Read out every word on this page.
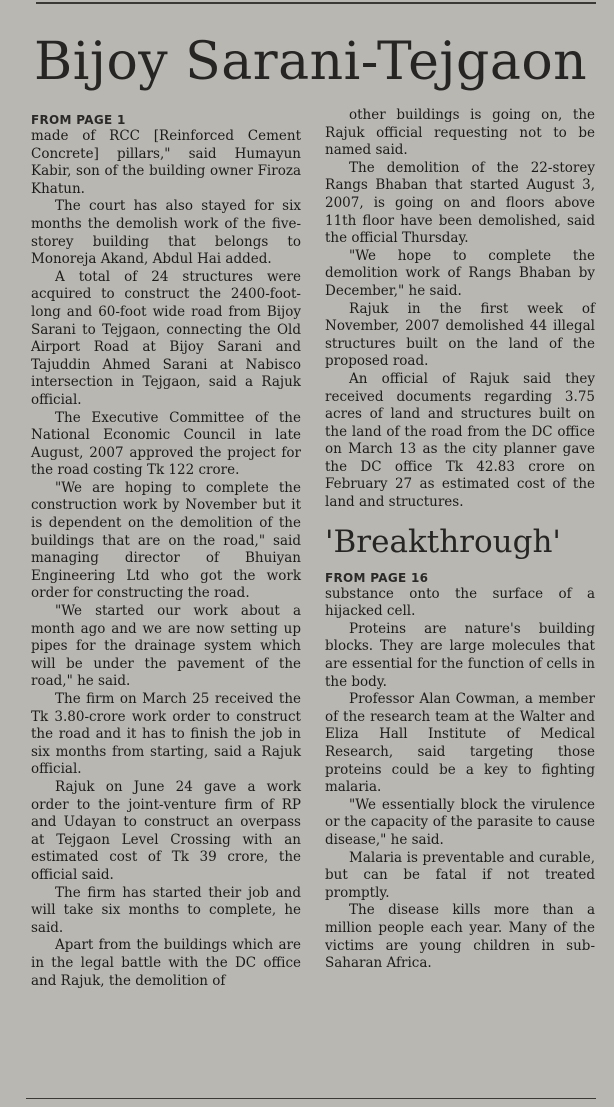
Bijoy Sarani-Tejgaon

FROM PAGE 1

made of RCC [Reinforced Cement Concrete] pillars," said Humayun Kabir, son of the building owner Firoza Khatun.

The court has also stayed for six months the demolish work of the five-storey building that belongs to Monoreja Akand, Abdul Hai added.

A total of 24 structures were acquired to construct the 2400-foot-long and 60-foot wide road from Bijoy Sarani to Tejgaon, connecting the Old Airport Road at Bijoy Sarani and Tajuddin Ahmed Sarani at Nabisco intersection in Tejgaon, said a Rajuk official.

The Executive Committee of the National Economic Council in late August, 2007 approved the project for the road costing Tk 122 crore.

"We are hoping to complete the construction work by November but it is dependent on the demolition of the buildings that are on the road," said managing director of Bhuiyan Engineering Ltd who got the work order for constructing the road.

"We started our work about a month ago and we are now setting up pipes for the drainage system which will be under the pavement of the road," he said.

The firm on March 25 received the Tk 3.80-crore work order to construct the road and it has to finish the job in six months from starting, said a Rajuk official.

Rajuk on June 24 gave a work order to the joint-venture firm of RP and Udayan to construct an overpass at Tejgaon Level Crossing with an estimated cost of Tk 39 crore, the official said.

The firm has started their job and will take six months to complete, he said.

Apart from the buildings which are in the legal battle with the DC office and Rajuk, the demolition of

other buildings is going on, the Rajuk official requesting not to be named said.

The demolition of the 22-storey Rangs Bhaban that started August 3, 2007, is going on and floors above 11th floor have been demolished, said the official Thursday.

"We hope to complete the demolition work of Rangs Bhaban by December," he said.

Rajuk in the first week of November, 2007 demolished 44 illegal structures built on the land of the proposed road.

An official of Rajuk said they received documents regarding 3.75 acres of land and structures built on the land of the road from the DC office on March 13 as the city planner gave the DC office Tk 42.83 crore on February 27 as estimated cost of the land and structures.

'Breakthrough'

FROM PAGE 16

substance onto the surface of a hijacked cell.

Proteins are nature's building blocks. They are large molecules that are essential for the function of cells in the body.

Professor Alan Cowman, a member of the research team at the Walter and Eliza Hall Institute of Medical Research, said targeting those proteins could be a key to fighting malaria.

"We essentially block the virulence or the capacity of the parasite to cause disease," he said.

Malaria is preventable and curable, but can be fatal if not treated promptly.

The disease kills more than a million people each year. Many of the victims are young children in sub-Saharan Africa.
